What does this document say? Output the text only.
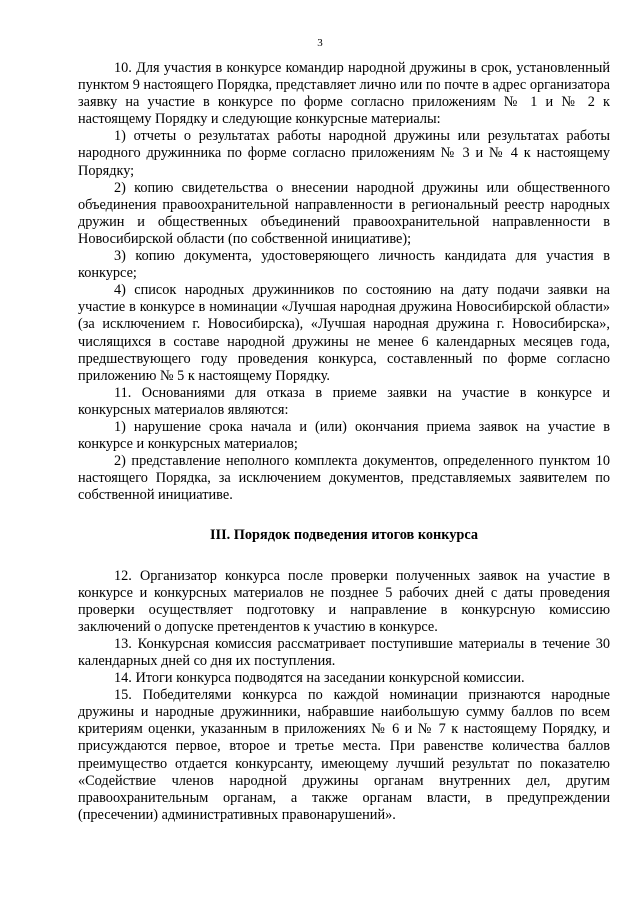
3

10. Для участия в конкурсе командир народной дружины в срок, установленный пунктом 9 настоящего Порядка, представляет лично или по почте в адрес организатора заявку на участие в конкурсе по форме согласно приложениям № 1 и № 2 к настоящему Порядку и следующие конкурсные материалы:

1) отчеты о результатах работы народной дружины или результатах работы народного дружинника по форме согласно приложениям № 3 и № 4 к настоящему Порядку;

2) копию свидетельства о внесении народной дружины или общественного объединения правоохранительной направленности в региональный реестр народных дружин и общественных объединений правоохранительной направленности в Новосибирской области (по собственной инициативе);

3) копию документа, удостоверяющего личность кандидата для участия в конкурсе;

4) список народных дружинников по состоянию на дату подачи заявки на участие в конкурсе в номинации «Лучшая народная дружина Новосибирской области» (за исключением г. Новосибирска), «Лучшая народная дружина г. Новосибирска», числящихся в составе народной дружины не менее 6 календарных месяцев года, предшествующего году проведения конкурса, составленный по форме согласно приложению № 5 к настоящему Порядку.

11. Основаниями для отказа в приеме заявки на участие в конкурсе и конкурсных материалов являются:

1) нарушение срока начала и (или) окончания приема заявок на участие в конкурсе и конкурсных материалов;

2) представление неполного комплекта документов, определенного пунктом 10 настоящего Порядка, за исключением документов, представляемых заявителем по собственной инициативе.

III. Порядок подведения итогов конкурса

12. Организатор конкурса после проверки полученных заявок на участие в конкурсе и конкурсных материалов не позднее 5 рабочих дней с даты проведения проверки осуществляет подготовку и направление в конкурсную комиссию заключений о допуске претендентов к участию в конкурсе.

13. Конкурсная комиссия рассматривает поступившие материалы в течение 30 календарных дней со дня их поступления.

14. Итоги конкурса подводятся на заседании конкурсной комиссии.

15. Победителями конкурса по каждой номинации признаются народные дружины и народные дружинники, набравшие наибольшую сумму баллов по всем критериям оценки, указанным в приложениях № 6 и № 7 к настоящему Порядку, и присуждаются первое, второе и третье места. При равенстве количества баллов преимущество отдается конкурсанту, имеющему лучший результат по показателю «Содействие членов народной дружины органам внутренних дел, другим правоохранительным органам, а также органам власти, в предупреждении (пресечении) административных правонарушений».
